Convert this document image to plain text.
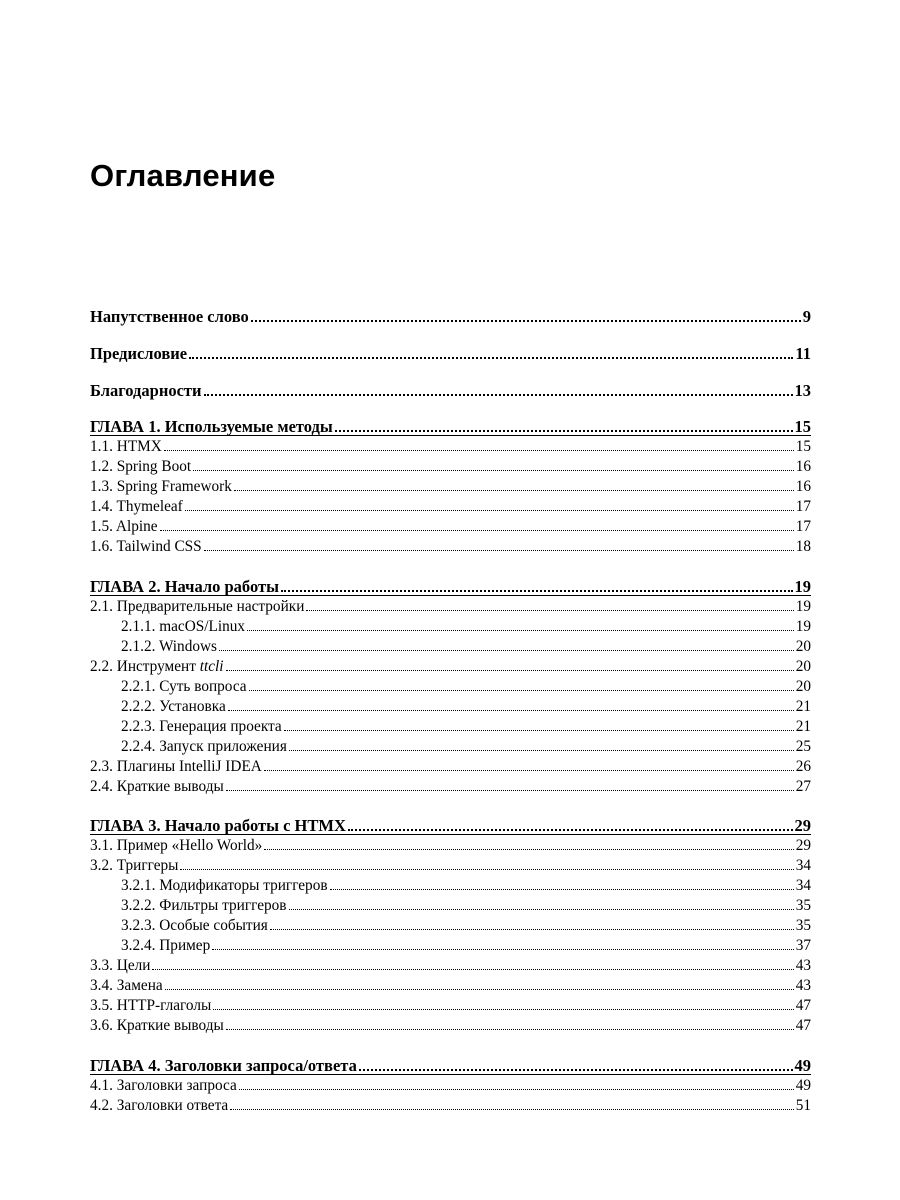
Оглавление
Напутственное слово	9
Предисловие	11
Благодарности	13
ГЛАВА 1. Используемые методы	15
1.1. HTMX	15
1.2. Spring Boot	16
1.3. Spring Framework	16
1.4. Thymeleaf	17
1.5. Alpine	17
1.6. Tailwind CSS	18
ГЛАВА 2. Начало работы	19
2.1. Предварительные настройки	19
2.1.1. macOS/Linux	19
2.1.2. Windows	20
2.2. Инструмент ttcli	20
2.2.1. Суть вопроса	20
2.2.2. Установка	21
2.2.3. Генерация проекта	21
2.2.4. Запуск приложения	25
2.3. Плагины IntelliJ IDEA	26
2.4. Краткие выводы	27
ГЛАВА 3. Начало работы с HTMX	29
3.1. Пример «Hello World»	29
3.2. Триггеры	34
3.2.1. Модификаторы триггеров	34
3.2.2. Фильтры триггеров	35
3.2.3. Особые события	35
3.2.4. Пример	37
3.3. Цели	43
3.4. Замена	43
3.5. HTTP-глаголы	47
3.6. Краткие выводы	47
ГЛАВА 4. Заголовки запроса/ответа	49
4.1. Заголовки запроса	49
4.2. Заголовки ответа	51
